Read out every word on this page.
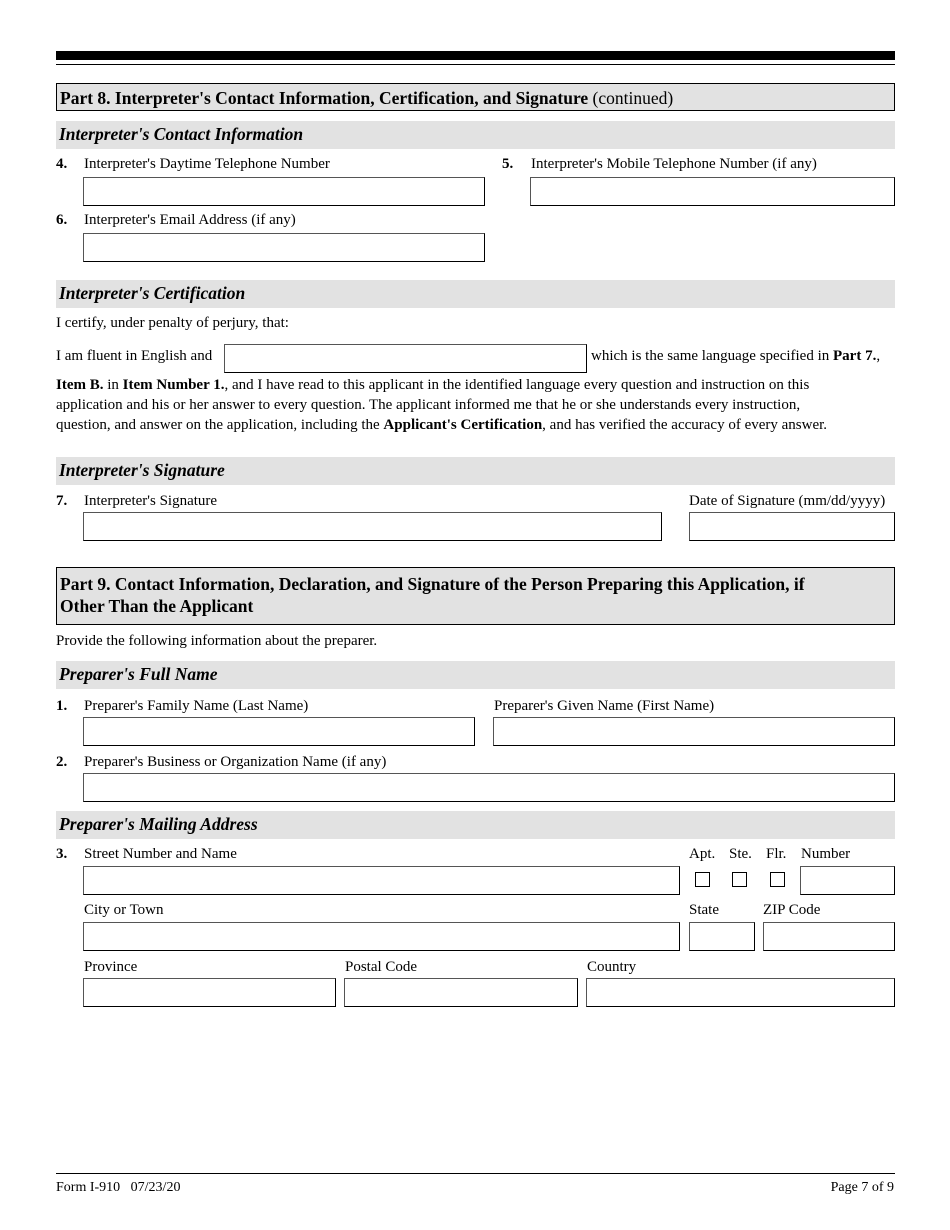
Part 8. Interpreter's Contact Information, Certification, and Signature (continued)
Interpreter's Contact Information
4. Interpreter's Daytime Telephone Number	5. Interpreter's Mobile Telephone Number (if any)
6. Interpreter's Email Address (if any)
Interpreter's Certification
I certify, under penalty of perjury, that:
I am fluent in English and	which is the same language specified in Part 7.,
Item B. in Item Number 1., and I have read to this applicant in the identified language every question and instruction on this
application and his or her answer to every question. The applicant informed me that he or she understands every instruction,
question, and answer on the application, including the Applicant's Certification, and has verified the accuracy of every answer.
Interpreter's Signature
7. Interpreter's Signature	Date of Signature (mm/dd/yyyy)
Part 9. Contact Information, Declaration, and Signature of the Person Preparing this Application, if
Other Than the Applicant
Provide the following information about the preparer.
Preparer's Full Name
1. Preparer's Family Name (Last Name)	Preparer's Given Name (First Name)
2. Preparer's Business or Organization Name (if any)
Preparer's Mailing Address
3. Street Number and Name	Apt. Ste. Flr. Number
City or Town	State	ZIP Code
Province	Postal Code	Country
Form I-910   07/23/20	Page 7 of 9
